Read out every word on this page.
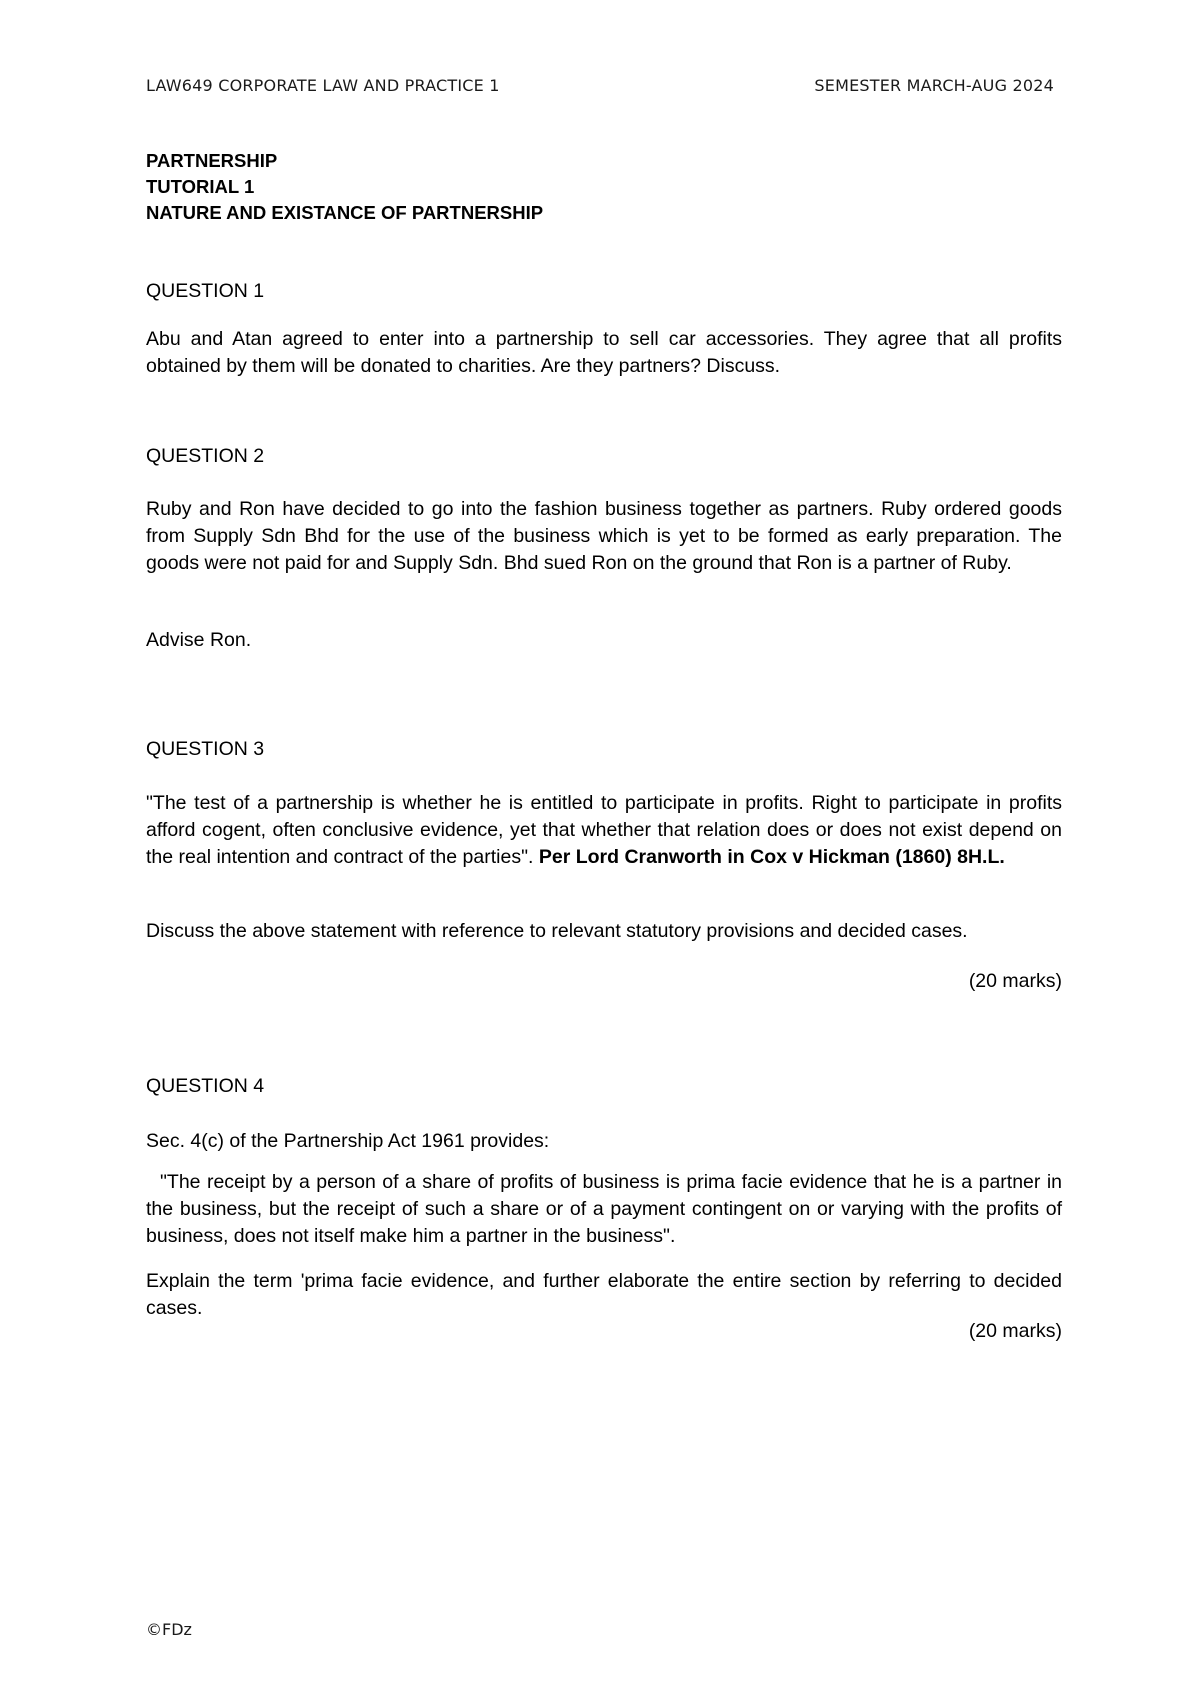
LAW649 CORPORATE LAW AND PRACTICE 1	SEMESTER MARCH-AUG 2024
PARTNERSHIP
TUTORIAL 1
NATURE AND EXISTANCE OF PARTNERSHIP
QUESTION 1
Abu and Atan agreed to enter into a partnership to sell car accessories. They agree that all profits obtained by them will be donated to charities. Are they partners? Discuss.
QUESTION 2
Ruby and Ron have decided to go into the fashion business together as partners. Ruby ordered goods from Supply Sdn Bhd for the use of the business which is yet to be formed as early preparation. The goods were not paid for and Supply Sdn. Bhd sued Ron on the ground that Ron is a partner of Ruby.
Advise Ron.
QUESTION 3
"The test of a partnership is whether he is entitled to participate in profits. Right to participate in profits afford cogent, often conclusive evidence, yet that whether that relation does or does not exist depend on the real intention and contract of the parties". Per Lord Cranworth in Cox v Hickman (1860) 8H.L.
Discuss the above statement with reference to relevant statutory provisions and decided cases.
(20 marks)
QUESTION 4
Sec. 4(c) of the Partnership Act 1961 provides:
"The receipt by a person of a share of profits of business is prima facie evidence that he is a partner in the business, but the receipt of such a share or of a payment contingent on or varying with the profits of business, does not itself make him a partner in the business".
Explain the term 'prima facie evidence, and further elaborate the entire section by referring to decided cases.
(20 marks)
©FDz
